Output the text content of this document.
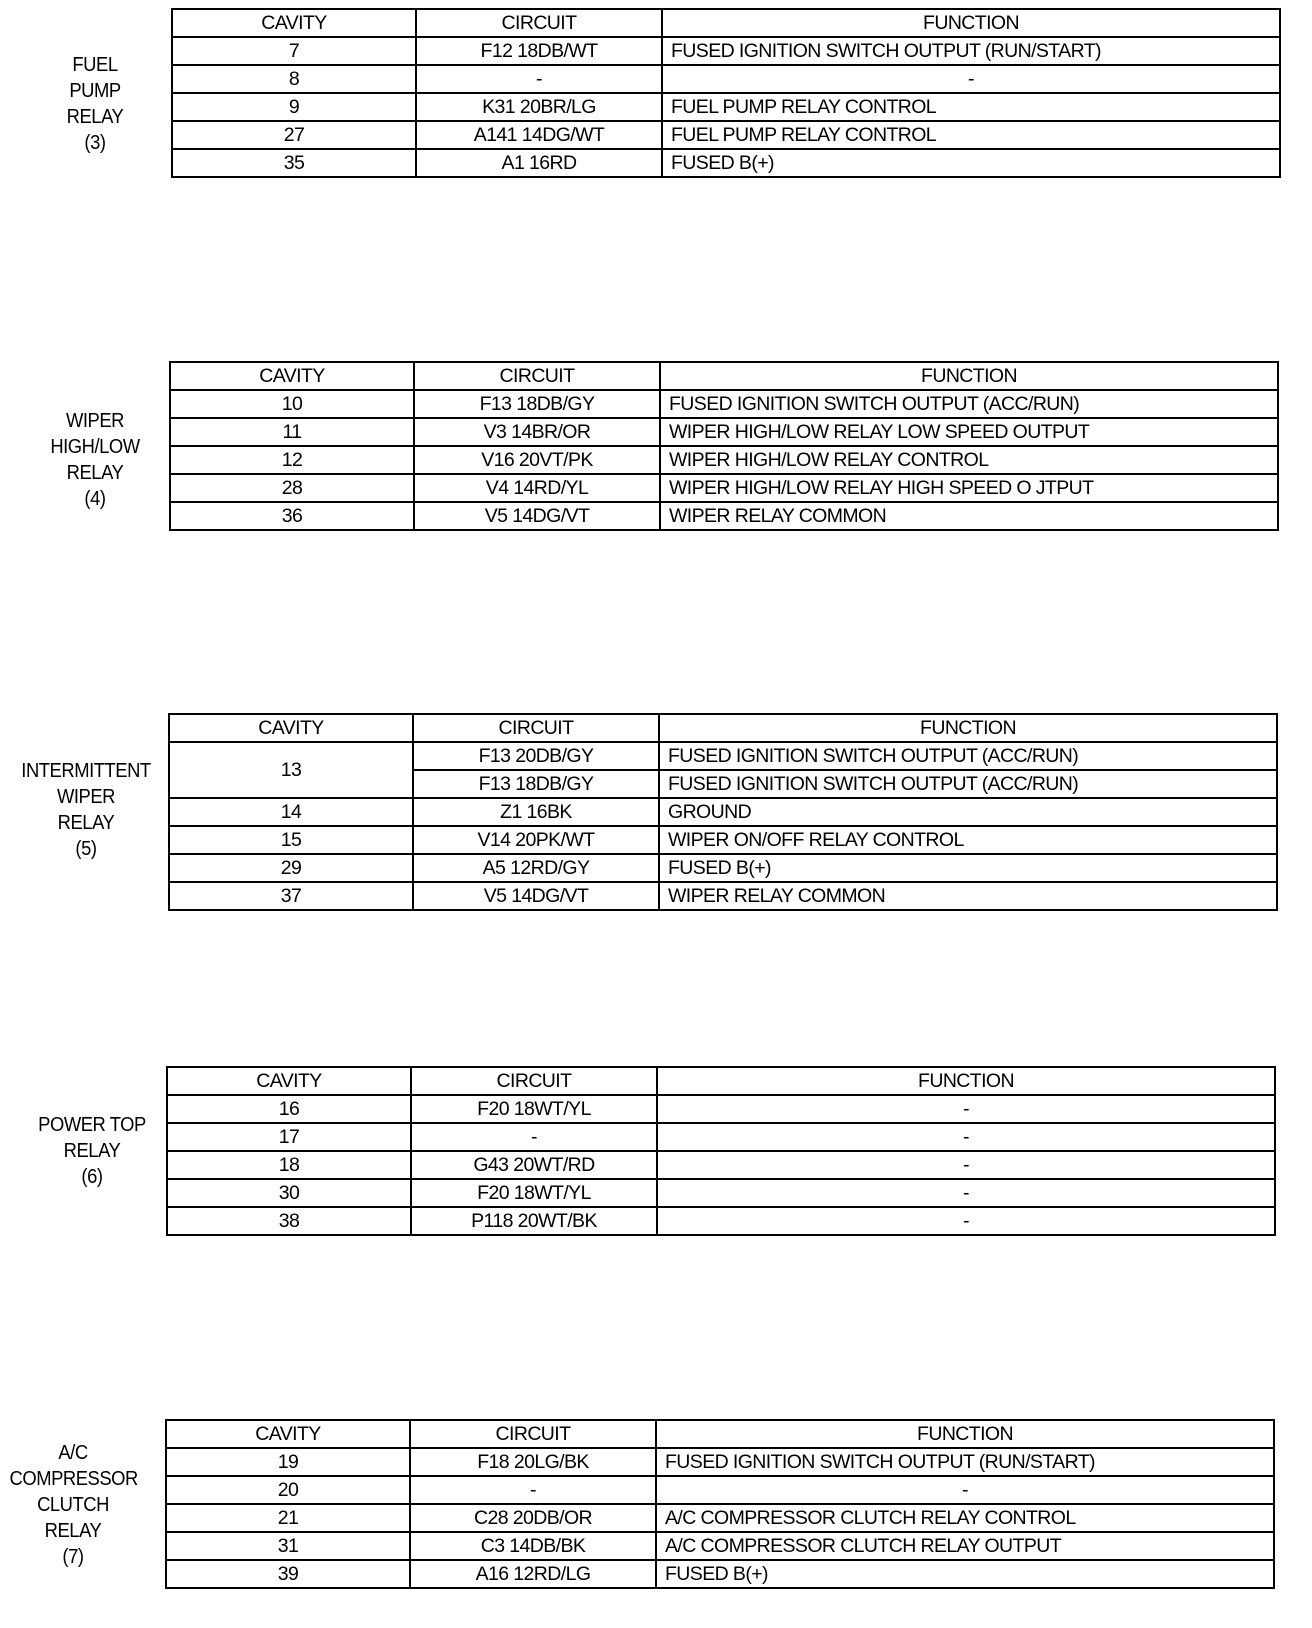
FUEL
PUMP
RELAY
(3)
CAVITY	CIRCUIT	FUNCTION
7	F12 18DB/WT	FUSED IGNITION SWITCH OUTPUT (RUN/START)
8	-	-
9	K31 20BR/LG	FUEL PUMP RELAY CONTROL
27	A141 14DG/WT	FUEL PUMP RELAY CONTROL
35	A1 16RD	FUSED B(+)
WIPER
HIGH/LOW
RELAY
(4)
CAVITY	CIRCUIT	FUNCTION
10	F13 18DB/GY	FUSED IGNITION SWITCH OUTPUT (ACC/RUN)
11	V3 14BR/OR	WIPER HIGH/LOW RELAY LOW SPEED OUTPUT
12	V16 20VT/PK	WIPER HIGH/LOW RELAY CONTROL
28	V4 14RD/YL	WIPER HIGH/LOW RELAY HIGH SPEED O JTPUT
36	V5 14DG/VT	WIPER RELAY COMMON
INTERMITTENT
WIPER
RELAY
(5)
CAVITY	CIRCUIT	FUNCTION
13	F13 20DB/GY	FUSED IGNITION SWITCH OUTPUT (ACC/RUN)
	F13 18DB/GY	FUSED IGNITION SWITCH OUTPUT (ACC/RUN)
14	Z1 16BK	GROUND
15	V14 20PK/WT	WIPER ON/OFF RELAY CONTROL
29	A5 12RD/GY	FUSED B(+)
37	V5 14DG/VT	WIPER RELAY COMMON
POWER TOP
RELAY
(6)
CAVITY	CIRCUIT	FUNCTION
16	F20 18WT/YL	-
17	-	-
18	G43 20WT/RD	-
30	F20 18WT/YL	-
38	P118 20WT/BK	-
A/C
COMPRESSOR
CLUTCH
RELAY
(7)
CAVITY	CIRCUIT	FUNCTION
19	F18 20LG/BK	FUSED IGNITION SWITCH OUTPUT (RUN/START)
20	-	-
21	C28 20DB/OR	A/C COMPRESSOR CLUTCH RELAY CONTROL
31	C3 14DB/BK	A/C COMPRESSOR CLUTCH RELAY OUTPUT
39	A16 12RD/LG	FUSED B(+)
